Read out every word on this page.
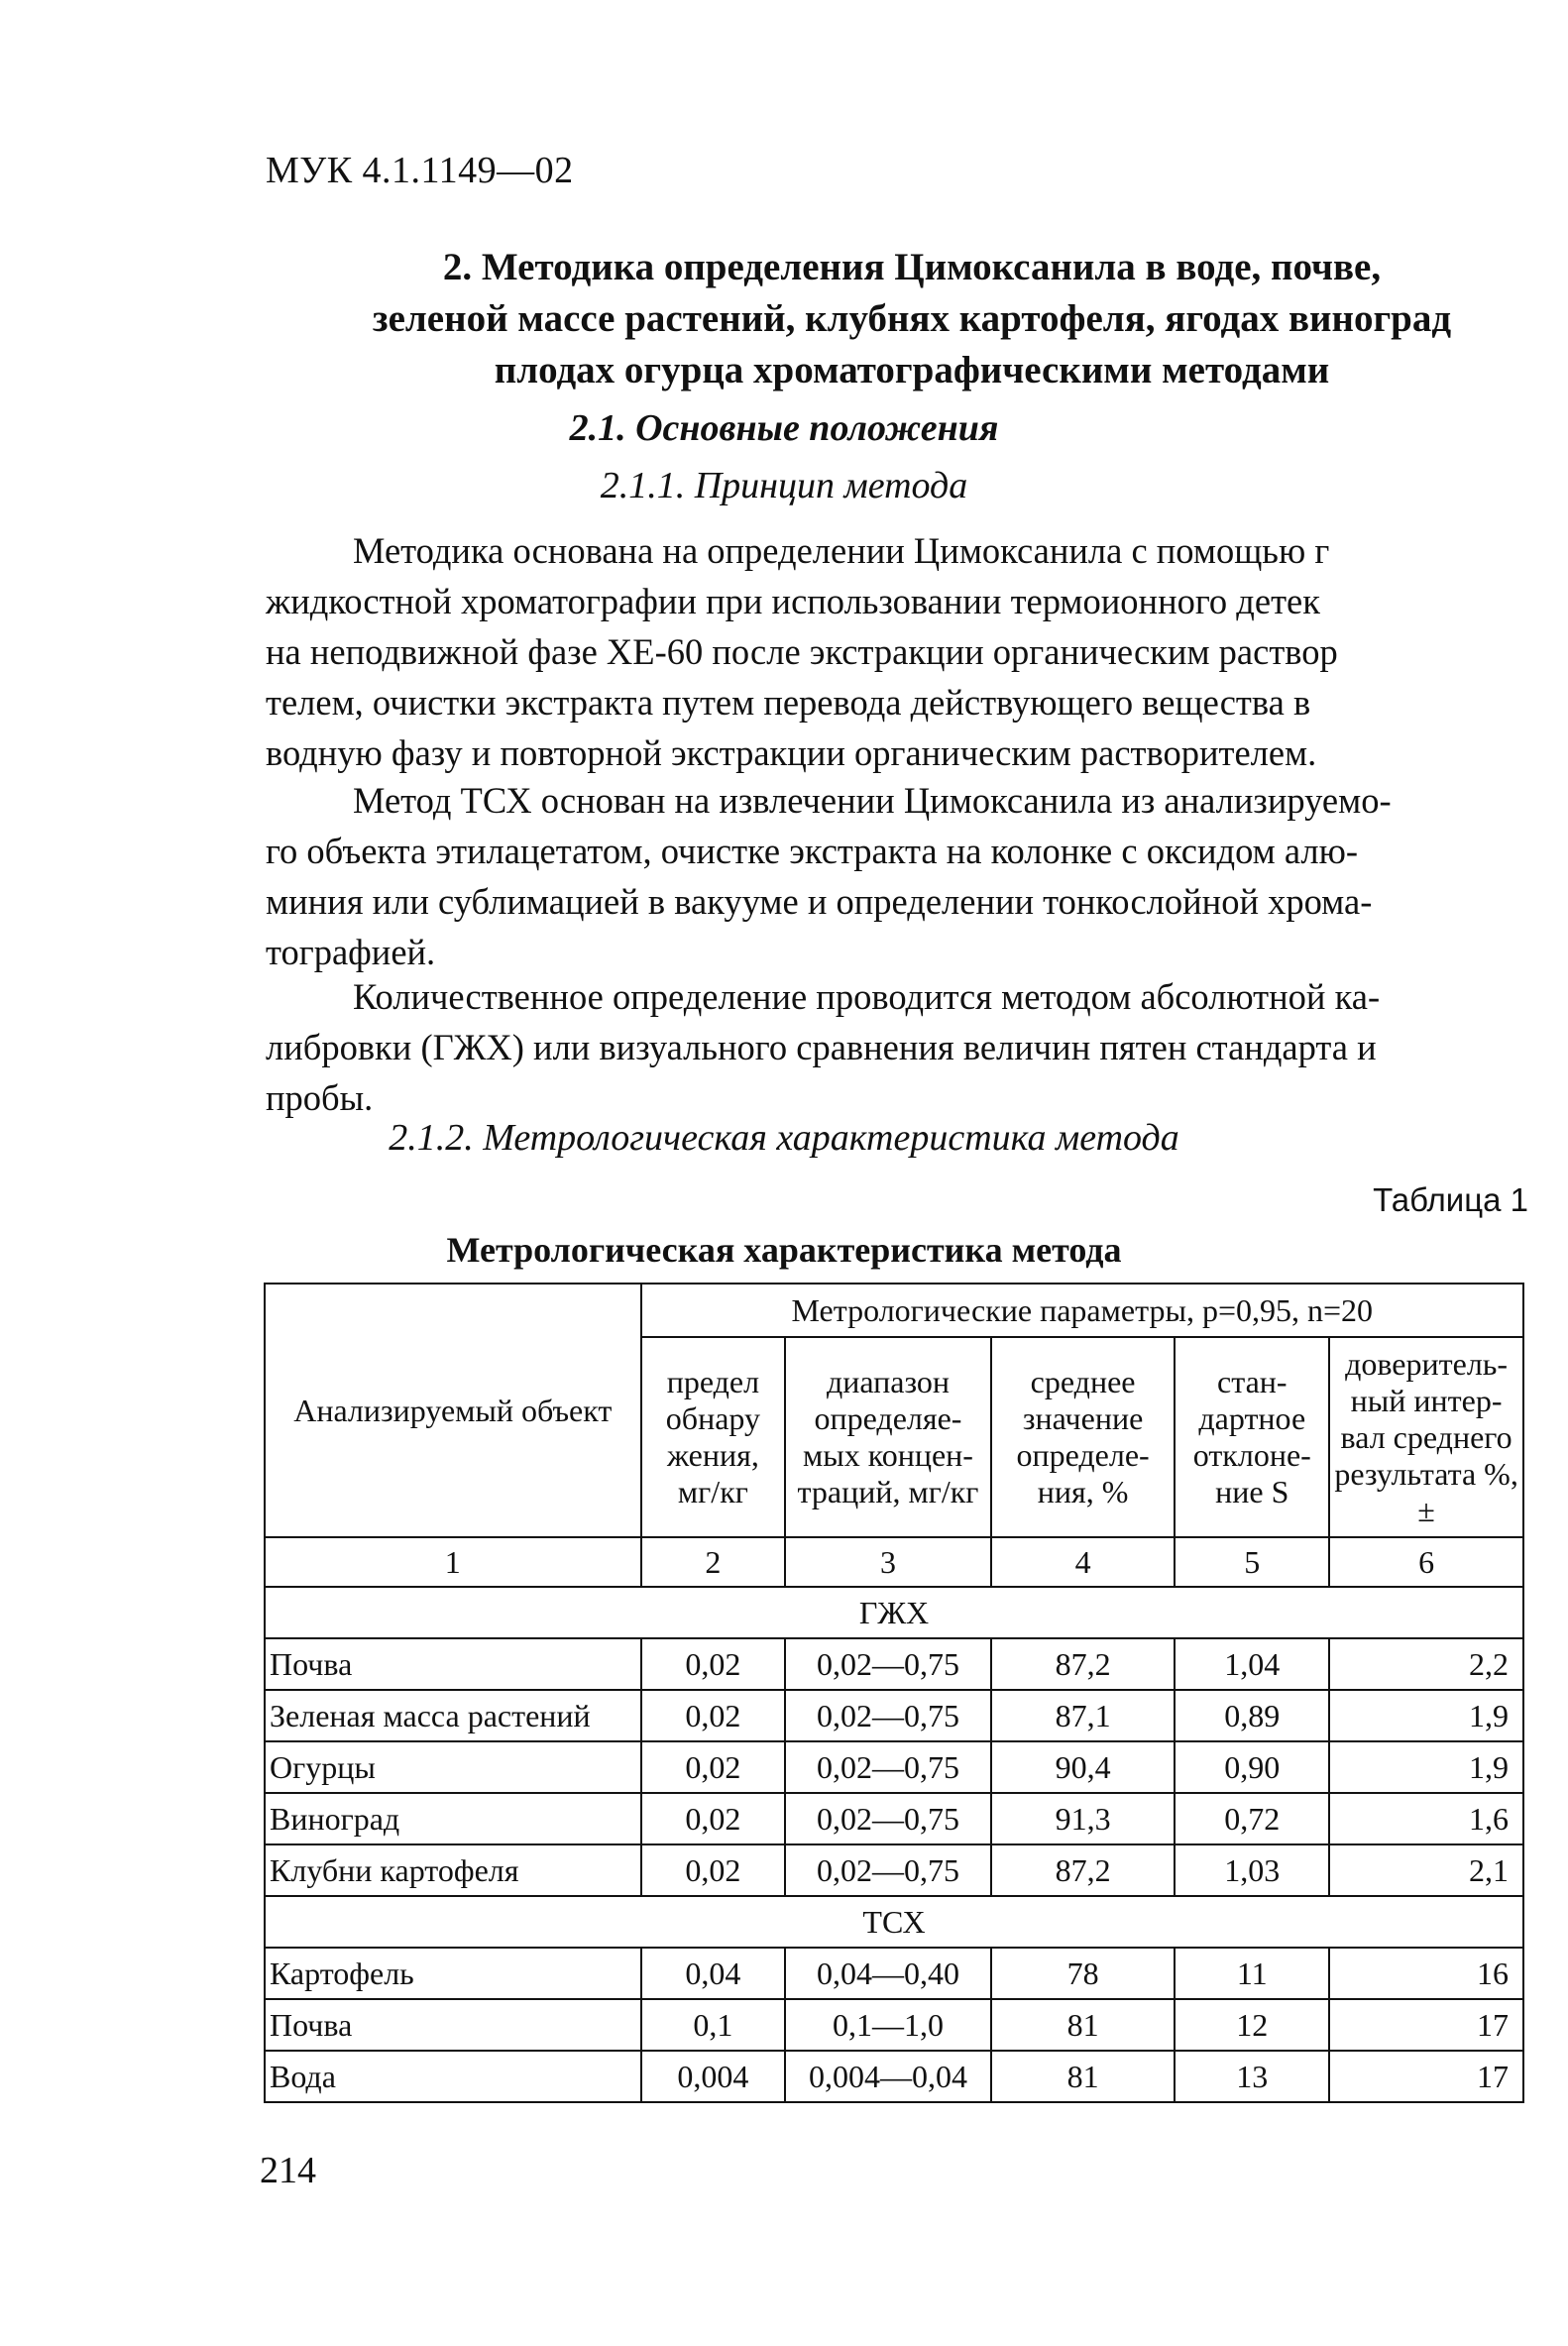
МУК 4.1.1149—02
2. Методика определения Цимоксанила в воде, почве,
зеленой массе растений, клубнях картофеля, ягодах виноград
плодах огурца хроматографическими методами
2.1. Основные положения
2.1.1. Принцип метода
Методика основана на определении Цимоксанила с помощью г
жидкостной хроматографии при использовании термоионного детек
на неподвижной фазе XE-60 после экстракции органическим раствор
телем, очистки экстракта путем перевода действующего вещества в
водную фазу и повторной экстракции органическим растворителем.
Метод ТСХ основан на извлечении Цимоксанила из анализируемо-
го объекта этилацетатом, очистке экстракта на колонке с оксидом алю-
миния или сублимацией в вакууме и определении тонкослойной хрома-
тографией.
Количественное определение проводится методом абсолютной ка-
либровки (ГЖХ) или визуального сравнения величин пятен стандарта и
пробы.
2.1.2. Метрологическая характеристика метода
Таблица 1
Метрологическая характеристика метода
Анализируемый объект	Метрологические параметры, p=0,95, n=20				
	предел обнару жения, мг/кг	диапазон определяе-мых концен-траций, мг/кг	среднее значение определе-ния, %	стан-дартное отклоне-ние S	доверитель-ный интер-вал среднего результата %, ±
1	2	3	4	5	6
ГЖХ					
Почва	0,02	0,02—0,75	87,2	1,04	2,2
Зеленая масса растений	0,02	0,02—0,75	87,1	0,89	1,9
Огурцы	0,02	0,02—0,75	90,4	0,90	1,9
Виноград	0,02	0,02—0,75	91,3	0,72	1,6
Клубни картофеля	0,02	0,02—0,75	87,2	1,03	2,1
ТСХ					
Картофель	0,04	0,04—0,40	78	11	16
Почва	0,1	0,1—1,0	81	12	17
Вода	0,004	0,004—0,04	81	13	17
214
